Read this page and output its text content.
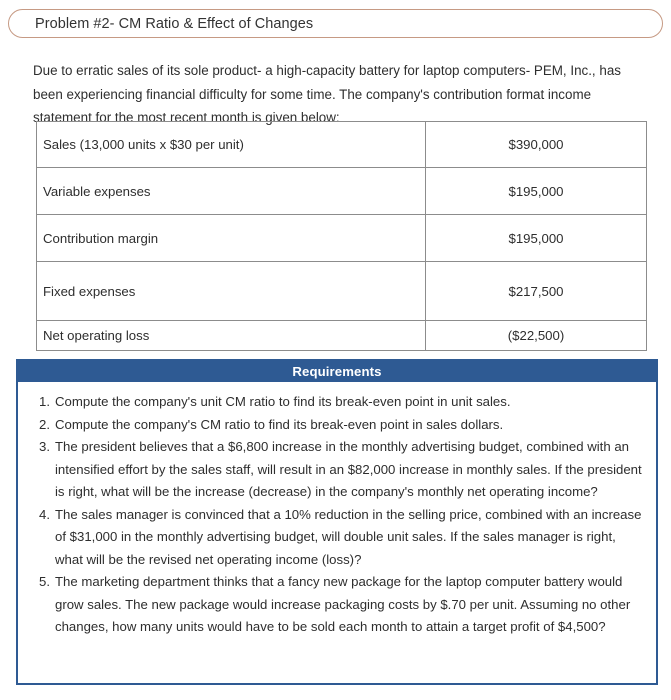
Problem #2- CM Ratio & Effect of Changes

Due to erratic sales of its sole product- a high-capacity battery for laptop computers- PEM, Inc., has been experiencing financial difficulty for some time. The company's contribution format income statement for the most recent month is given below:

Sales (13,000 units x $30 per unit)	$390,000
Variable expenses	$195,000
Contribution margin	$195,000
Fixed expenses	$217,500
Net operating loss	($22,500)
Requirements
1. Compute the company's unit CM ratio to find its break-even point in unit sales.
2. Compute the company's CM ratio to find its break-even point in sales dollars.
3. The president believes that a $6,800 increase in the monthly advertising budget, combined with an intensified effort by the sales staff, will result in an $82,000 increase in monthly sales. If the president is right, what will be the increase (decrease) in the company's monthly net operating income?
4. The sales manager is convinced that a 10% reduction in the selling price, combined with an increase of $31,000 in the monthly advertising budget, will double unit sales. If the sales manager is right, what will be the revised net operating income (loss)?
5. The marketing department thinks that a fancy new package for the laptop computer battery would grow sales. The new package would increase packaging costs by $.70 per unit. Assuming no other changes, how many units would have to be sold each month to attain a target profit of $4,500?
